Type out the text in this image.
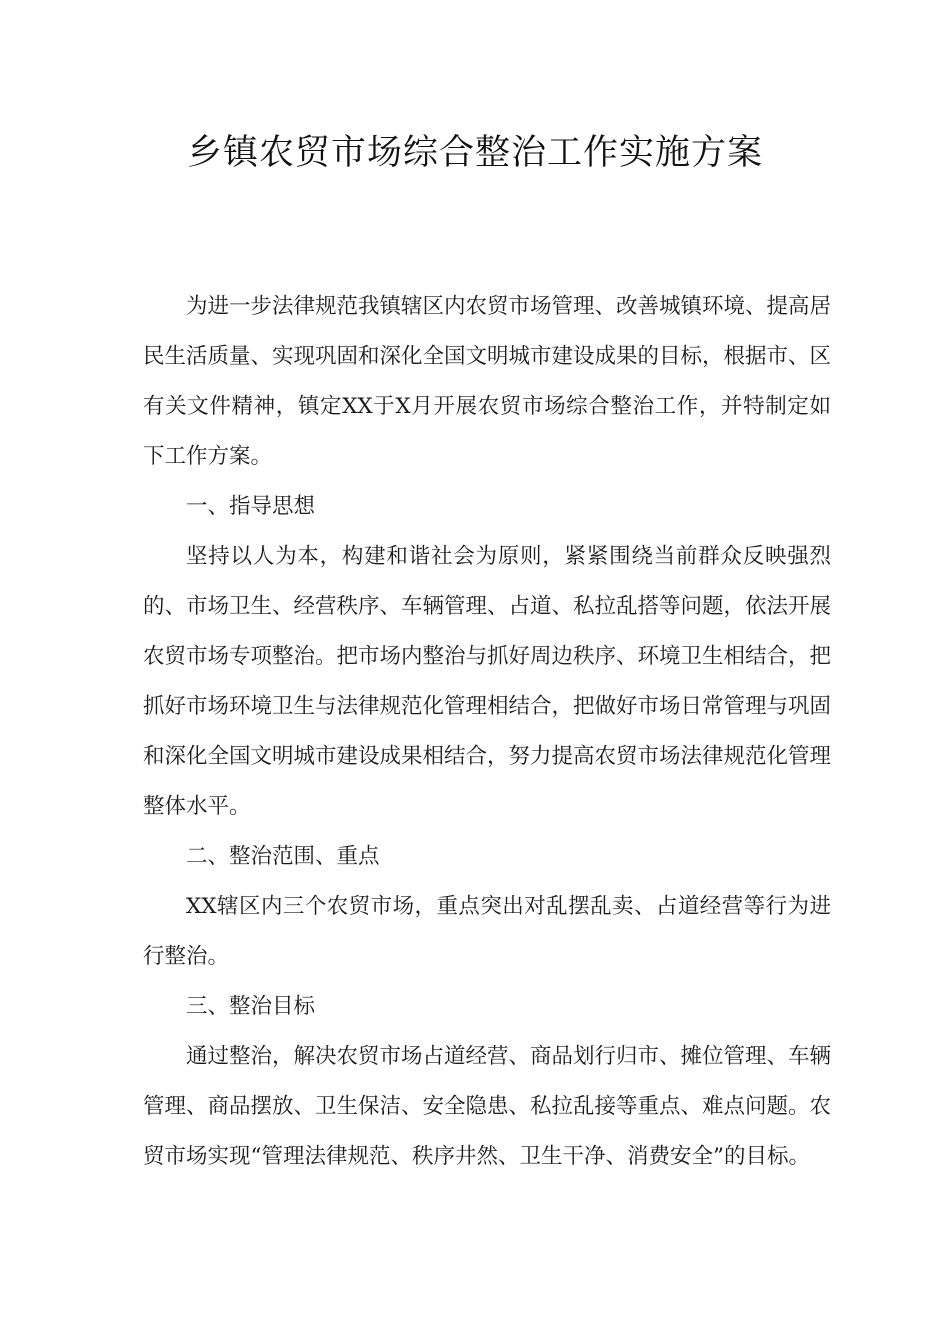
乡镇农贸市场综合整治工作实施方案

为进一步法律规范我镇辖区内农贸市场管理、改善城镇环境、提高居民生活质量、实现巩固和深化全国文明城市建设成果的目标，根据市、区有关文件精神，镇定XX于X月开展农贸市场综合整治工作，并特制定如下工作方案。

一、指导思想

坚持以人为本，构建和谐社会为原则，紧紧围绕当前群众反映强烈的、市场卫生、经营秩序、车辆管理、占道、私拉乱搭等问题，依法开展农贸市场专项整治。把市场内整治与抓好周边秩序、环境卫生相结合，把抓好市场环境卫生与法律规范化管理相结合，把做好市场日常管理与巩固和深化全国文明城市建设成果相结合，努力提高农贸市场法律规范化管理整体水平。

二、整治范围、重点

XX辖区内三个农贸市场，重点突出对乱摆乱卖、占道经营等行为进行整治。

三、整治目标

通过整治，解决农贸市场占道经营、商品划行归市、摊位管理、车辆管理、商品摆放、卫生保洁、安全隐患、私拉乱接等重点、难点问题。农贸市场实现“管理法律规范、秩序井然、卫生干净、消费安全”的目标。
